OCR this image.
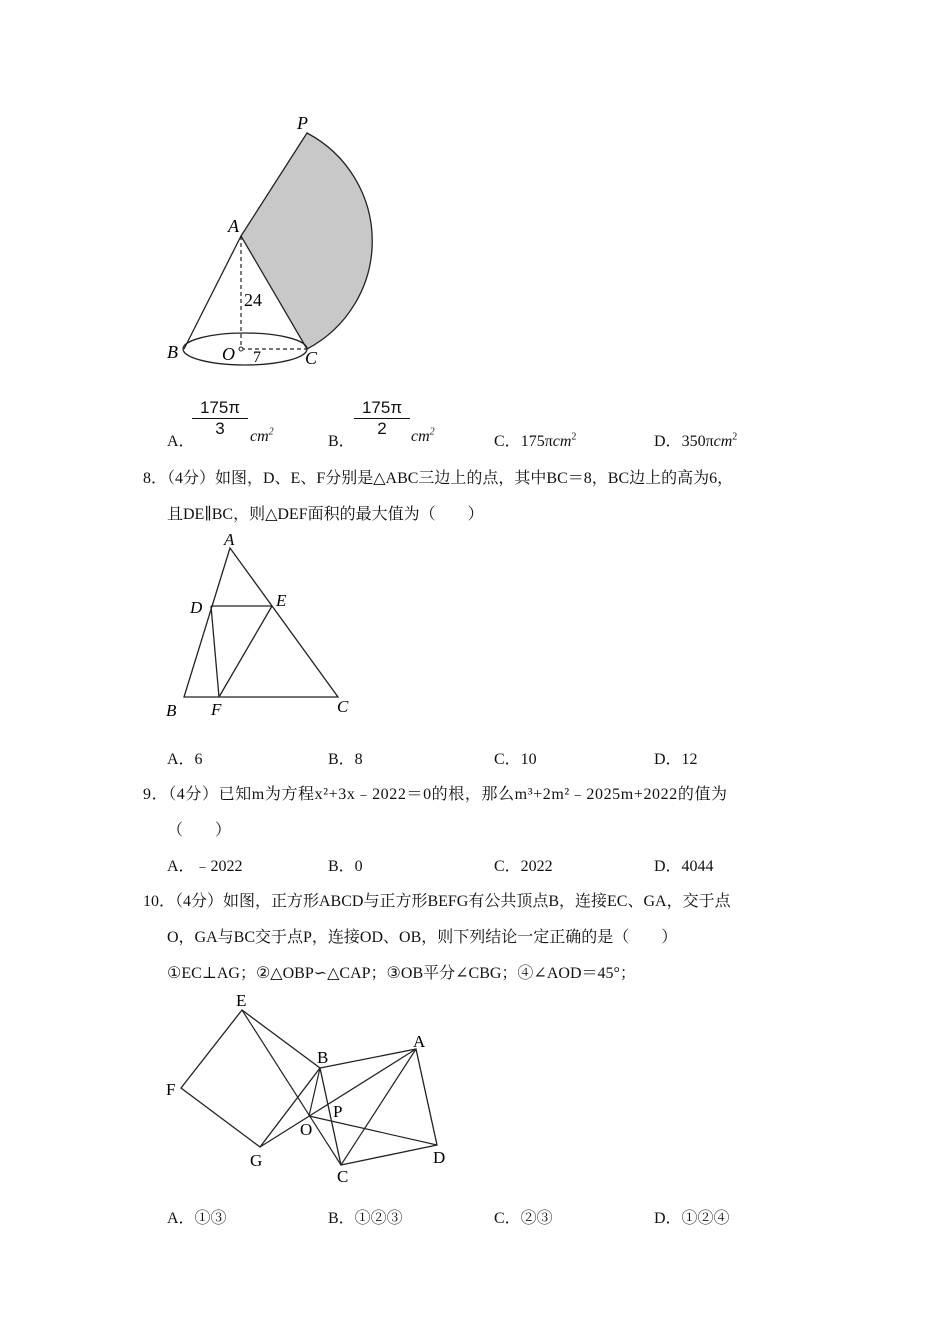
P
A
B O	C
24
7
A．
$\frac{175\pi}{3} cm^2$
B．
$\frac{175\pi}{2} cm^2$
C．175πcm$^2$	D．350πcm$^2$
8．（4分）如图，D、E、F分别是△ABC三边上的点，其中BC＝8，BC边上的高为6，
且DE∥BC，则△DEF面积的最大值为（　　）
A
D	E
B F	C
A．6	B．8	C．10	D．12
9．（4分）已知m为方程x²+3x﹣2022＝0的根，那么m³+2m²﹣2025m+2022的值为
（　　）
A．﹣2022	B．0	C．2022	D．4044
10．（4分）如图，正方形ABCD与正方形BEFG有公共顶点B，连接EC、GA，交于点
O，GA与BC交于点P，连接OD、OB，则下列结论一定正确的是（　　）
①EC⊥AG；②△OBP∽△CAP；③OB平分∠CBG；④∠AOD＝45°；
E
F
G
B
A
P
O
C
D
A．①③	B．①②③	C．②③	D．①②④
